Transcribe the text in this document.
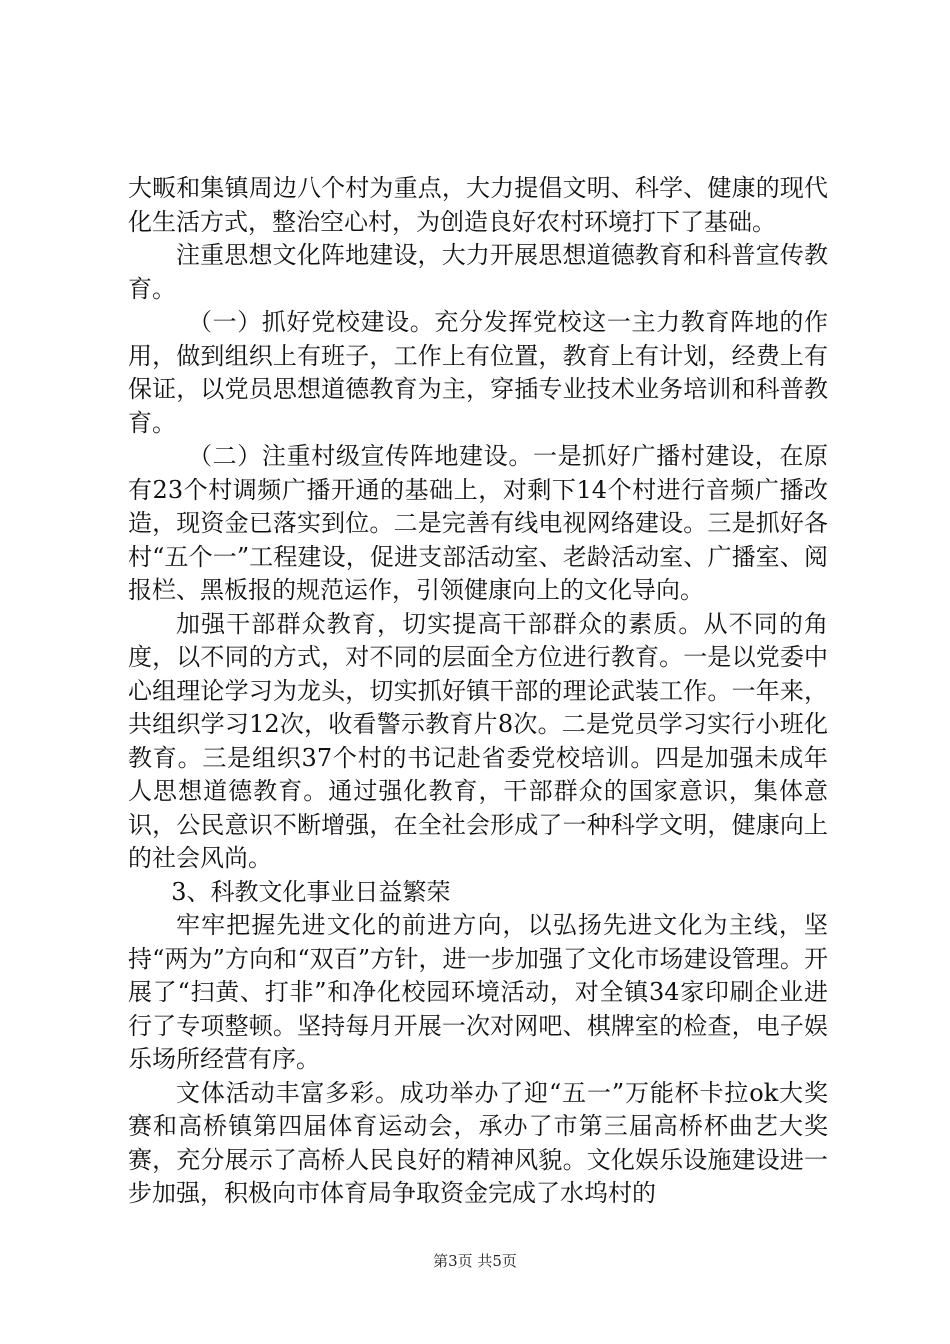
大畈和集镇周边八个村为重点，大力提倡文明、科学、健康的现代化生活方式，整治空心村，为创造良好农村环境打下了基础。

注重思想文化阵地建设，大力开展思想道德教育和科普宣传教育。

（一）抓好党校建设。充分发挥党校这一主力教育阵地的作用，做到组织上有班子，工作上有位置，教育上有计划，经费上有保证，以党员思想道德教育为主，穿插专业技术业务培训和科普教育。

（二）注重村级宣传阵地建设。一是抓好广播村建设，在原有23个村调频广播开通的基础上，对剩下14个村进行音频广播改造，现资金已落实到位。二是完善有线电视网络建设。三是抓好各村“五个一”工程建设，促进支部活动室、老龄活动室、广播室、阅报栏、黑板报的规范运作，引领健康向上的文化导向。

加强干部群众教育，切实提高干部群众的素质。从不同的角度，以不同的方式，对不同的层面全方位进行教育。一是以党委中心组理论学习为龙头，切实抓好镇干部的理论武装工作。一年来，共组织学习12次，收看警示教育片8次。二是党员学习实行小班化教育。三是组织37个村的书记赴省委党校培训。四是加强未成年人思想道德教育。通过强化教育，干部群众的国家意识，集体意识，公民意识不断增强，在全社会形成了一种科学文明，健康向上的社会风尚。

3、科教文化事业日益繁荣

牢牢把握先进文化的前进方向，以弘扬先进文化为主线，坚持“两为”方向和“双百”方针，进一步加强了文化市场建设管理。开展了“扫黄、打非”和净化校园环境活动，对全镇34家印刷企业进行了专项整顿。坚持每月开展一次对网吧、棋牌室的检查，电子娱乐场所经营有序。

文体活动丰富多彩。成功举办了迎“五一”万能杯卡拉ok大奖赛和高桥镇第四届体育运动会，承办了市第三届高桥杯曲艺大奖赛，充分展示了高桥人民良好的精神风貌。文化娱乐设施建设进一步加强，积极向市体育局争取资金完成了水坞村的

第3页 共5页
